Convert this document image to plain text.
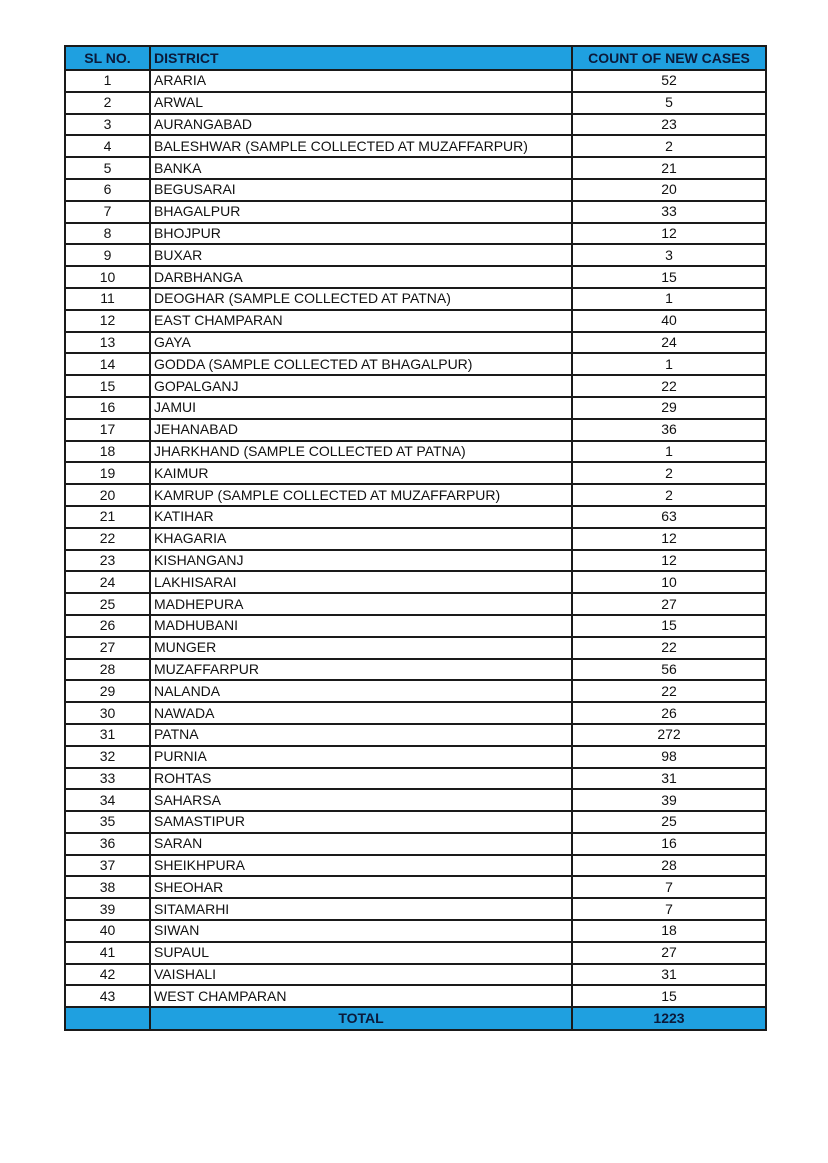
SL NO.	DISTRICT	COUNT OF NEW CASES
1	ARARIA	52
2	ARWAL	5
3	AURANGABAD	23
4	BALESHWAR (SAMPLE COLLECTED AT MUZAFFARPUR)	2
5	BANKA	21
6	BEGUSARAI	20
7	BHAGALPUR	33
8	BHOJPUR	12
9	BUXAR	3
10	DARBHANGA	15
11	DEOGHAR (SAMPLE COLLECTED AT PATNA)	1
12	EAST CHAMPARAN	40
13	GAYA	24
14	GODDA (SAMPLE COLLECTED AT BHAGALPUR)	1
15	GOPALGANJ	22
16	JAMUI	29
17	JEHANABAD	36
18	JHARKHAND (SAMPLE COLLECTED AT PATNA)	1
19	KAIMUR	2
20	KAMRUP (SAMPLE COLLECTED AT MUZAFFARPUR)	2
21	KATIHAR	63
22	KHAGARIA	12
23	KISHANGANJ	12
24	LAKHISARAI	10
25	MADHEPURA	27
26	MADHUBANI	15
27	MUNGER	22
28	MUZAFFARPUR	56
29	NALANDA	22
30	NAWADA	26
31	PATNA	272
32	PURNIA	98
33	ROHTAS	31
34	SAHARSA	39
35	SAMASTIPUR	25
36	SARAN	16
37	SHEIKHPURA	28
38	SHEOHAR	7
39	SITAMARHI	7
40	SIWAN	18
41	SUPAUL	27
42	VAISHALI	31
43	WEST CHAMPARAN	15
	TOTAL	1223
